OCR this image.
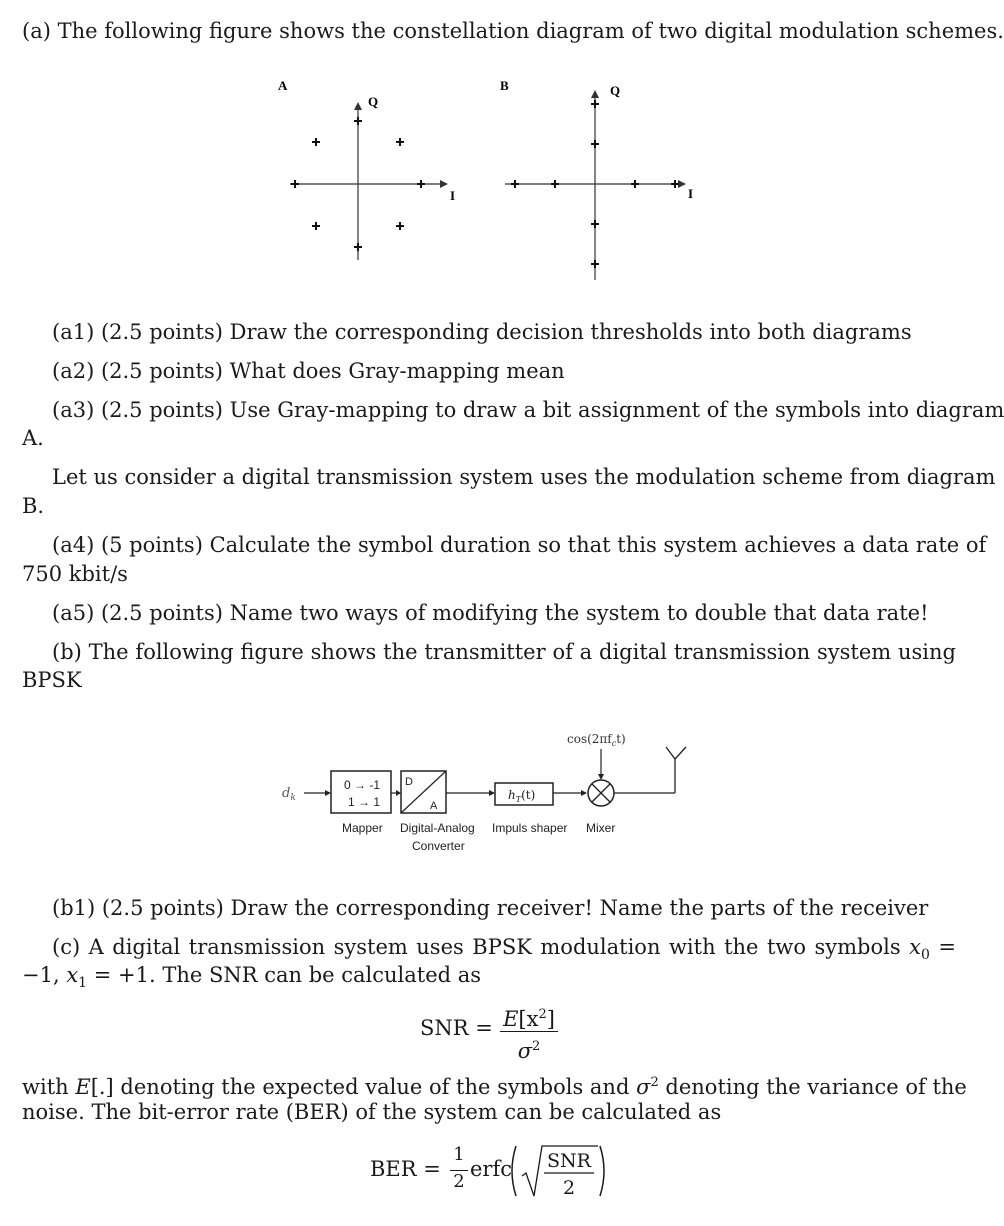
(a) The following figure shows the constellation diagram of two digital modulation schemes.
A
Q
I
B	Q
I
(a1) (2.5 points) Draw the corresponding decision thresholds into both diagrams
(a2) (2.5 points) What does Gray-mapping mean
(a3) (2.5 points) Use Gray-mapping to draw a bit assignment of the symbols into diagram
A.
Let us consider a digital transmission system uses the modulation scheme from diagram
B.
(a4) (5 points) Calculate the symbol duration so that this system achieves a data rate of
750 kbit/s
(a5) (2.5 points) Name two ways of modifying the system to double that data rate!
(b) The following figure shows the transmitter of a digital transmission system using
BPSK
$d_k$
0 → -1
1 → 1
D
A
$h_T(t)$
$\cos(2\pi f_ct)$
Mapper Digital-Analog
Converter
Impuls shaper Mixer
(b1) (2.5 points) Draw the corresponding receiver! Name the parts of the receiver
(c) A digital transmission system uses BPSK modulation with the two symbols $x_0$ =
−1, $x_1 = +1$. The SNR can be calculated as
SNR = $E[x^2]$
$\sigma^2$
with E[.] denoting the expected value of the symbols and $\sigma^2$ denoting the variance of the
noise. The bit-error rate (BER) of the system can be calculated as
BER =
1
2
erfc SNR
2
